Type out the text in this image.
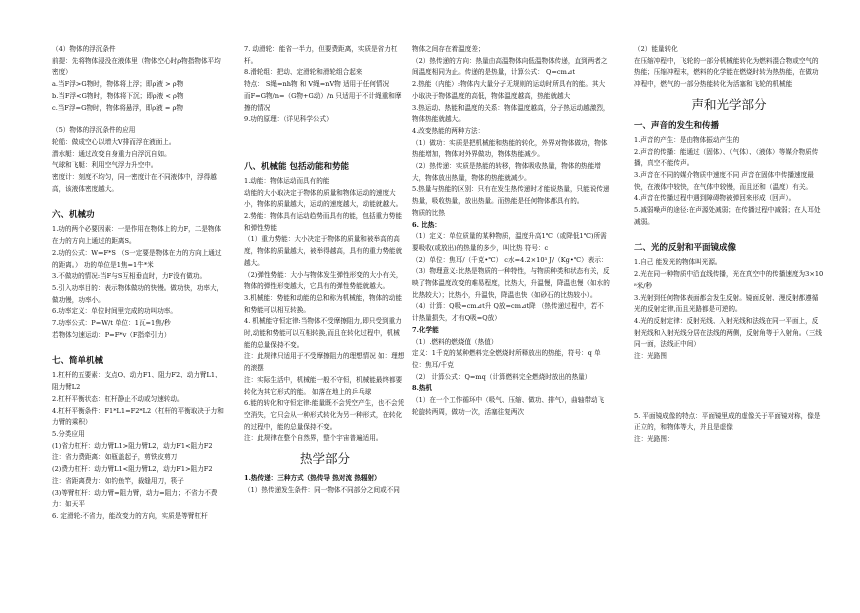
（4）物体的浮沉条件

前提：先将物体浸没在液体里（物体空心时ρ物指物体平均密度）

a.当F浮>G物时，物体将上浮；即ρ液 > ρ物

b.当F浮<G物时，物体将下沉；即ρ液 < ρ物

c.当F浮=G物时，物体将悬浮，即ρ液 = ρ物

（5）物体的浮沉条件的应用

轮船：做成空心以增大V排而浮在液面上。

潜水艇：通过改变自身重力自浮沉自如。

气球和飞艇：利用空气浮力升空中。

密度计：刻度不均匀，同一密度计在不同液体中，浮得越高，该液体密度越大。

六、机械功

1.功的两个必要因素：一是作用在物体上的力F，二是物体在力的方向上通过的距离S。

2.功的公式：W=F*S （S一定要是物体在力的方向上通过的距离。） 功的单位是1焦=1牛*米

3.不做功的情况:当F与S互相垂直时，力F没有做功。

5.引入功率目的：表示物体做功的快慢。做功快，功率大，做功慢，功率小。

6.功率定义：单位时间里完成的功叫功率。

7.功率公式：P=W/t 单位：1瓦=1焦/秒

若物体匀速运动：P=F*v（F指牵引力）

七、简单机械

1.杠杆的五要素：支点O、动力F1、阻力F2、动力臂L1、阻力臂L2

2.杠杆平衡状态：杠杆静止不动或匀速转动。

4.杠杆平衡条件：F1*L1=F2*L2（杠杆的平衡取决于力和力臂的乘积）

5.分类应用

(1)省力杠杆：动力臂L1>阻力臂L2，动力F1<阻力F2

注：省力费距离：如瓶盖起子，剪铁皮剪刀

(2)费力杠杆：动力臂L1<阻力臂L2，动力F1>阻力F2

注：省距离费力：如钓鱼竿，裁缝用刀，筷子

(3)等臂杠杆：动力臂=阻力臂，动力=阻力；不省力不费力：如天平

6. 定滑轮:不省力，能改变力的方向，实质是等臂杠杆

7. 动滑轮：能省一半力，但要费距离，实质是省力杠杆。

8.滑轮组：把动、定滑轮和滑轮组合起来

特点： S绳=nh物 和 V绳=nV物 适用于任何情况

而F=G物/n=（G物+G动）/n 只适用于不计绳重和摩擦的情况

9.功的原理：（详见科学公式）

八、机械能 包括动能和势能

1.动能：物体运动而具有的能

动能的大小取决定于物体的质量和物体运动的速度大小，物体的质量越大，运动的速度越大，动能就越大。

2.势能：物体具有运动趋势而具有的能，包括重力势能和弹性势能

（1）重力势能：大小决定于物体的质量和被举高的高度，物体的质量越大，被举得越高，具有的重力势能就越大。

（2)弹性势能：大小与物体发生弹性形变的大小有关，物体的弹性形变越大，它具有的弹性势能就越大。

3.机械能：势能和动能的总和称为机械能，物体的动能和势能可以相互转换。

4. 机械能守恒定律:当物体不受摩擦阻力,即只受到重力时,动能和势能可以互相转换,而且在转化过程中，机械能的总量保持不变。

注：此规律只适用于不受摩擦阻力的理想情况 如：理想的滚摆

注：实际生活中，机械能一般不守恒，机械能最终都要转化为其它形式的能。 如落在地上的乒乓球

6.能的转化和守恒定律:能量既不会凭空产生，也不会凭空消失，它只会从一种形式转化为另一种形式，在转化的过程中，能的总量保持不变。

注：此规律在整个自然界，整个宇宙普遍适用。

热学部分

1.热传递：三种方式（热传导 热对流 热辐射）

（1）热传递发生条件：同一物体不同部分之间或不同

物体之间存在着温度差；

（2）热传递的方向：热量由高温物体向低温物体传递，直到两者之间温度相同为止。传递的是热量，计算公式： Q=cm⊿t

2.热能（内能）:物体内大量分子无规则的运动时所具有的能。其大小取决于物体温度的高低，物体温度越高，热能就越大

3.热运动、热能和温度的关系：物体温度越高，分子热运动越激烈，物体热能就越大。

4.改变热能的两种方法：

（1）做功：实质是把机械能和热能的转化，外界对物体做功，物体热能增加，物体对外界做功，物体热能减少。

（2）热传递：实质是热能的转移，物体吸收热量，物体的热能增大，物体放出热量，物体的热能就减少。

5.热量与热能的区别：只有在发生热传递时才能说热量，只能说传递热量，吸收热量，放出热量。而热能是任何物体都具有的。

物质的比热

6. 比热：

（1）定义：单位质量的某种物质，温度升高1℃（或降低1℃)所需要吸收(或放出)的热量的多少，叫比热 符号：c

（2）单位：焦耳/（千克•℃） c水=4.2×10³ J/（Kg•℃）表示：

（3）物理意义:比热是物质的一种特性，与物质种类和状态有关，反映了物体温度改变的难易程度，比热大，升温慢，降温也慢（如水的比热较大）；比热小，升温快，降温也快（如砂石的比热较小）。

（4）计算：Q吸=cm⊿t升 Q放=cm⊿t降 （热传递过程中，若不计热量损失，才有Q吸=Q放）

7.化学能

（1）.燃料的燃烧值（热值）

定义：1千克的某种燃料完全燃烧时所释放出的热能，符号：q 单位：焦耳/千克

（2） 计算公式：Q=mq（计算燃料完全燃烧时放出的热量）

8.热机

（1）在一个工作循环中（吸气、压缩、做功、排气），曲轴带动飞轮旋转两周，做功一次，活塞往复两次

（2）能量转化

在压缩冲程中，飞轮的一部分机械能转化为燃料混合物或空气的热能；压缩冲程末，燃料的化学能在燃烧时转为热热能，在做功冲程中，燃气的一部分热能转化为活塞和飞轮的机械能

声和光学部分
一、声音的发生和传播

1.声音的产生：是由物体振动产生的

2.声音的传播：能通过（固体）、（气体）、（液体）等媒介物质传播，真空不能传声。

3.声音在不同的媒介物质中速度不同 声音在固体中传播速度最快，在液体中较快，在气体中较慢，而且还和（温度）有关。

4.声音在传播过程中遇到障碍物被弹回来形成（回声）。

5.减弱噪声的途径:在声源处减弱；在传播过程中减弱；在人耳处减弱。

二、光的反射和平面镜成像

1.自己 能发光的物体叫光源。

2.光在同一种物质中沿直线传播，光在真空中的传播速度为3×10⁸米/秒

3.光射到任何物体表面都会发生反射。镜面反射、漫反射都遵循光的反射定律,而且光路都是可逆的。

4.光的反射定律：反射光线、入射光线和法线在同一平面上，反射光线和入射光线分居在法线的两侧，反射角等于入射角。（三线同一面，法线正中间）

注：光路图

5. 平面镜成像的特点：平面镜里成的虚像关于平面镜对称，像是正立的，和物体等大，并且是虚像

注：光路图：
